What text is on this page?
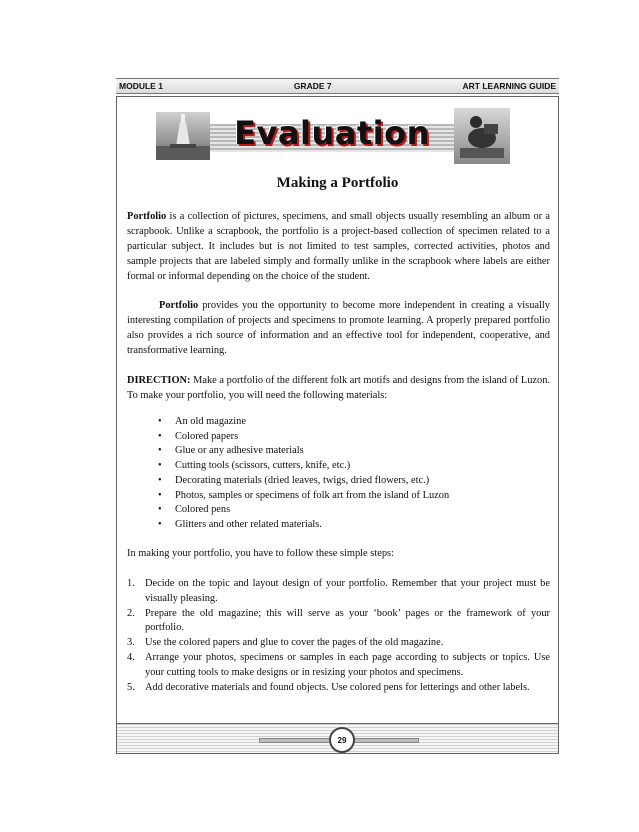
MODULE 1	GRADE 7	ART LEARNING GUIDE
Evaluation
Making a Portfolio

Portfolio is a collection of pictures, specimens, and small objects usually resembling an album or a scrapbook. Unlike a scrapbook, the portfolio is a project-based collection of specimen related to a particular subject. It includes but is not limited to test samples, corrected activities, photos and sample projects that are labeled simply and formally unlike in the scrapbook where labels are either formal or informal depending on the choice of the student.

Portfolio provides you the opportunity to become more independent in creating a visually interesting compilation of projects and specimens to promote learning. A properly prepared portfolio also provides a rich source of information and an effective tool for independent, cooperative, and transformative learning.

DIRECTION: Make a portfolio of the different folk art motifs and designs from the island of Luzon. To make your portfolio, you will need the following materials:

• An old magazine
• Colored papers
• Glue or any adhesive materials
• Cutting tools (scissors, cutters, knife, etc.)
• Decorating materials (dried leaves, twigs, dried flowers, etc.)
• Photos, samples or specimens of folk art from the island of Luzon
• Colored pens
• Glitters and other related materials.

In making your portfolio, you have to follow these simple steps:

1. Decide on the topic and layout design of your portfolio. Remember that your project must be visually pleasing.
2. Prepare the old magazine; this will serve as your ‘book’ pages or the framework of your portfolio.
3. Use the colored papers and glue to cover the pages of the old magazine.
4. Arrange your photos, specimens or samples in each page according to subjects or topics. Use your cutting tools to make designs or in resizing your photos and specimens.
5. Add decorative materials and found objects. Use colored pens for letterings and other labels.
29
